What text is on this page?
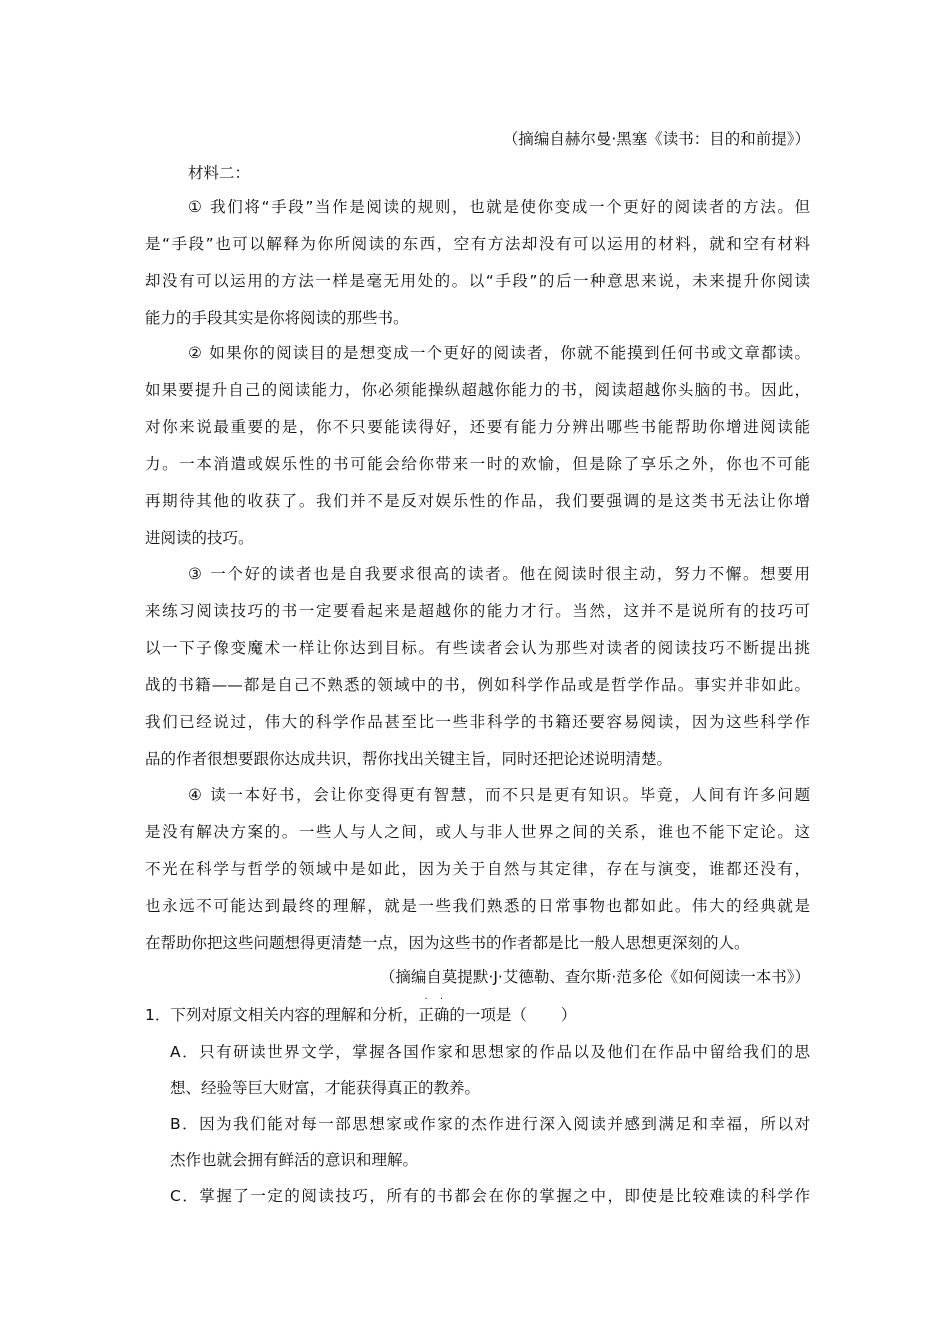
（摘编自赫尔曼·黑塞《读书：目的和前提》）
材料二：
① 我们将“手段”当作是阅读的规则，也就是使你变成一个更好的阅读者的方法。但
是“手段”也可以解释为你所阅读的东西，空有方法却没有可以运用的材料，就和空有材料
却没有可以运用的方法一样是毫无用处的。以“手段”的后一种意思来说，未来提升你阅读
能力的手段其实是你将阅读的那些书。
② 如果你的阅读目的是想变成一个更好的阅读者，你就不能摸到任何书或文章都读。
如果要提升自己的阅读能力，你必须能操纵超越你能力的书，阅读超越你头脑的书。因此，
对你来说最重要的是，你不只要能读得好，还要有能力分辨出哪些书能帮助你增进阅读能
力。一本消遣或娱乐性的书可能会给你带来一时的欢愉，但是除了享乐之外，你也不可能
再期待其他的收获了。我们并不是反对娱乐性的作品，我们要强调的是这类书无法让你增
进阅读的技巧。
③ 一个好的读者也是自我要求很高的读者。他在阅读时很主动，努力不懈。想要用
来练习阅读技巧的书一定要看起来是超越你的能力才行。当然，这并不是说所有的技巧可
以一下子像变魔术一样让你达到目标。有些读者会认为那些对读者的阅读技巧不断提出挑
战的书籍——都是自己不熟悉的领域中的书，例如科学作品或是哲学作品。事实并非如此。
我们已经说过，伟大的科学作品甚至比一些非科学的书籍还要容易阅读，因为这些科学作
品的作者很想要跟你达成共识，帮你找出关键主旨，同时还把论述说明清楚。
④ 读一本好书，会让你变得更有智慧，而不只是更有知识。毕竟，人间有许多问题
是没有解决方案的。一些人与人之间，或人与非人世界之间的关系，谁也不能下定论。这
不光在科学与哲学的领域中是如此，因为关于自然与其定律，存在与演变，谁都还没有，
也永远不可能达到最终的理解，就是一些我们熟悉的日常事物也都如此。伟大的经典就是
在帮助你把这些问题想得更清楚一点，因为这些书的作者都是比一般人思想更深刻的人。
（摘编自莫提默·J·艾德勒、查尔斯·范多伦《如何阅读一本书》）
1．下列对原文相关内容的理解和分析，
·
正
·
确的一项是（ ）
A．只有研读世界文学，掌握各国作家和思想家的作品以及他们在作品中留给我们的思
想、经验等巨大财富，才能获得真正的教养。
B．因为我们能对每一部思想家或作家的杰作进行深入阅读并感到满足和幸福，所以对
杰作也就会拥有鲜活的意识和理解。
C．掌握了一定的阅读技巧，所有的书都会在你的掌握之中，即使是比较难读的科学作
